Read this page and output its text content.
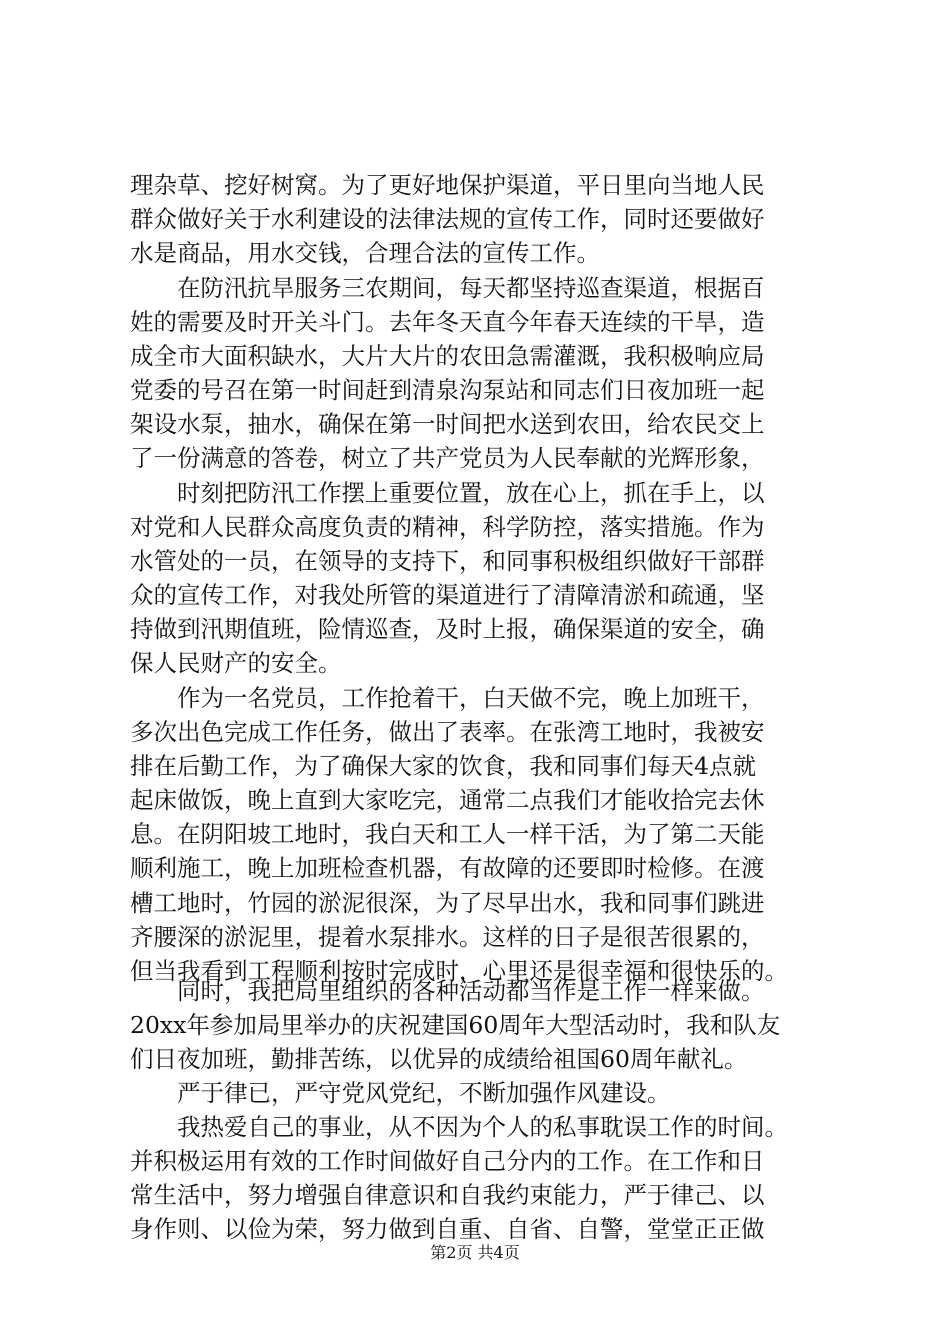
理杂草、挖好树窝。为了更好地保护渠道，平日里向当地人民
群众做好关于水利建设的法律法规的宣传工作，同时还要做好
水是商品，用水交钱，合理合法的宣传工作。
　　在防汛抗旱服务三农期间，每天都坚持巡查渠道，根据百
姓的需要及时开关斗门。去年冬天直今年春天连续的干旱，造
成全市大面积缺水，大片大片的农田急需灌溉，我积极响应局
党委的号召在第一时间赶到清泉沟泵站和同志们日夜加班一起
架设水泵，抽水，确保在第一时间把水送到农田，给农民交上
了一份满意的答卷，树立了共产党员为人民奉献的光辉形象，
　　时刻把防汛工作摆上重要位置，放在心上，抓在手上，以
对党和人民群众高度负责的精神，科学防控，落实措施。作为
水管处的一员，在领导的支持下，和同事积极组织做好干部群
众的宣传工作，对我处所管的渠道进行了清障清淤和疏通，坚
持做到汛期值班，险情巡查，及时上报，确保渠道的安全，确
保人民财产的安全。
　　作为一名党员，工作抢着干，白天做不完，晚上加班干，
多次出色完成工作任务，做出了表率。在张湾工地时，我被安
排在后勤工作，为了确保大家的饮食，我和同事们每天4点就
起床做饭，晚上直到大家吃完，通常二点我们才能收拾完去休
息。在阴阳坡工地时，我白天和工人一样干活，为了第二天能
顺利施工，晚上加班检查机器，有故障的还要即时检修。在渡
槽工地时，竹园的淤泥很深，为了尽早出水，我和同事们跳进
齐腰深的淤泥里，提着水泵排水。这样的日子是很苦很累的，
但当我看到工程顺利按时完成时，心里还是很幸福和很快乐的。
　　同时，我把局里组织的各种活动都当作是工作一样来做。
20xx年参加局里举办的庆祝建国60周年大型活动时，我和队友
们日夜加班，勤排苦练，以优异的成绩给祖国60周年献礼。
　　严于律已，严守党风党纪，不断加强作风建设。
　　我热爱自己的事业，从不因为个人的私事耽误工作的时间。
并积极运用有效的工作时间做好自己分内的工作。在工作和日
常生活中，努力增强自律意识和自我约束能力，严于律己、以
身作则、以俭为荣，努力做到自重、自省、自警，堂堂正正做
第2页 共4页
